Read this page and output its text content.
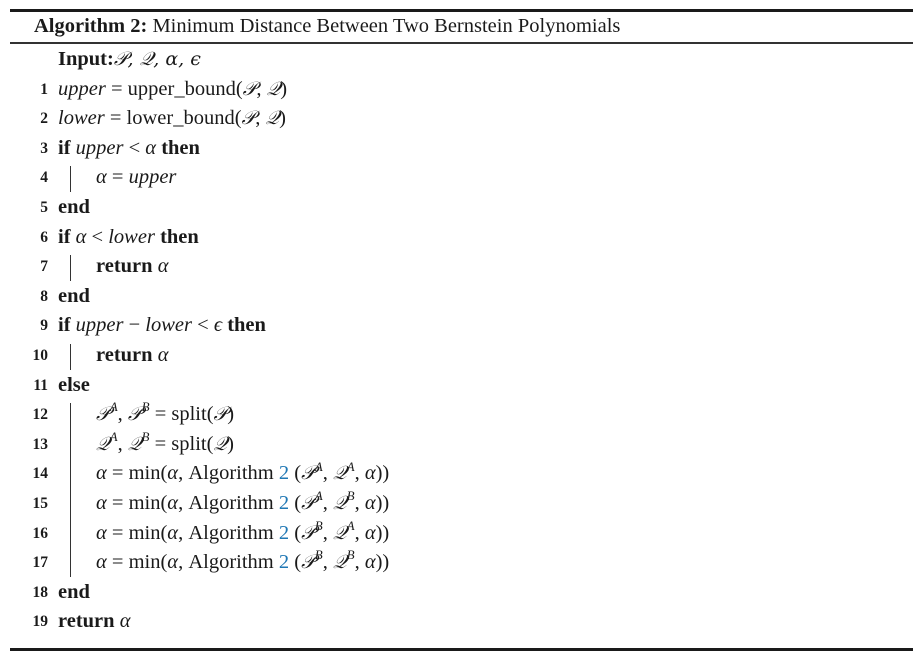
Algorithm 2: Minimum Distance Between Two Bernstein Polynomials
Input:𝒫, 𝒬, α, ϵ
1 upper = upper_bound(𝒫, 𝒬)
2 lower = lower_bound(𝒫, 𝒬)
3 if upper < α then
4 α = upper
5 end
6 if α < lower then
7 return α
8 end
9 if upper − lower < ϵ then
10 return α
11 else
12	𝒫$^A$, 𝒫$^B$ = split(𝒫)
13	𝒬$^A$, 𝒬$^B$ = split(𝒬)
14 α = min(α, Algorithm 2 (𝒫$^A$, 𝒬$^A$, α))
15 α = min(α, Algorithm 2 (𝒫$^A$, 𝒬$^B$, α))
16 α = min(α, Algorithm 2 (𝒫$^B$, 𝒬$^A$, α))
17 α = min(α, Algorithm 2 (𝒫$^B$, 𝒬$^B$, α))
18 end
19 return α
